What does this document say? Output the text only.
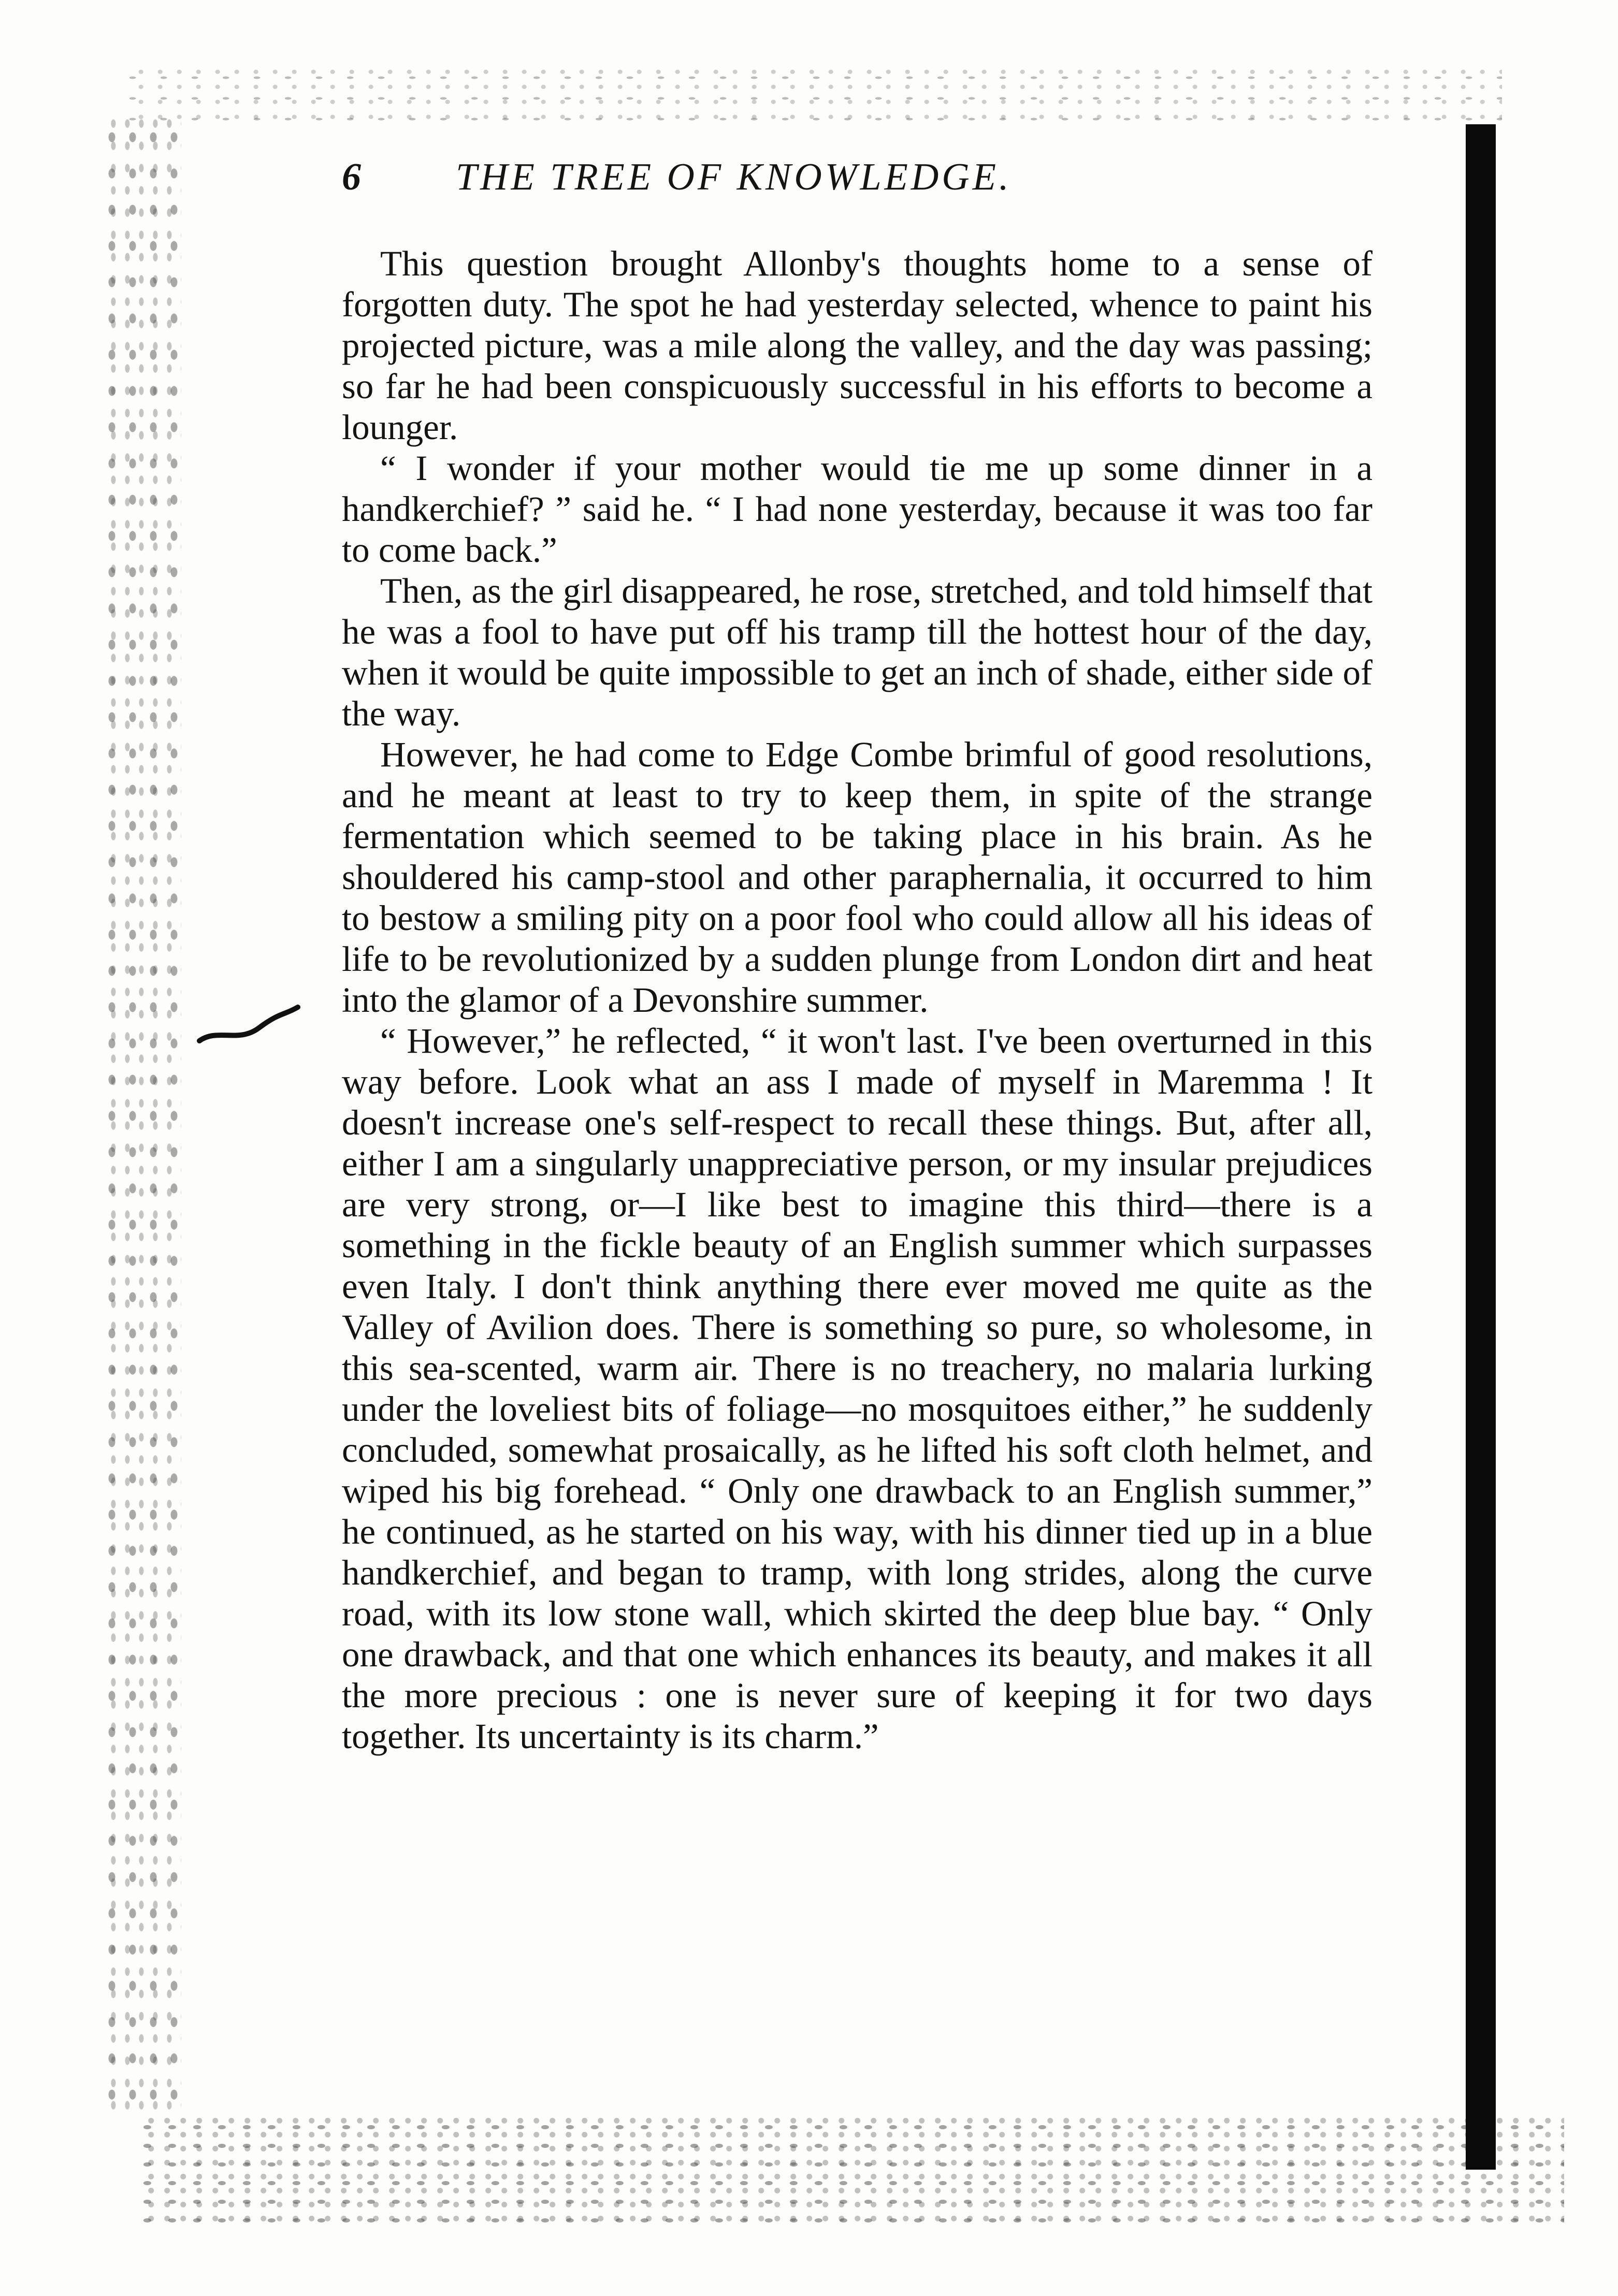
6 THE TREE OF KNOWLEDGE.

This question brought Allonby's thoughts home to a sense of forgotten duty. The spot he had yesterday selected, whence to paint his projected picture, was a mile along the valley, and the day was passing; so far he had been conspicuously successful in his efforts to become a lounger.

“ I wonder if your mother would tie me up some dinner in a handkerchief? ” said he. “ I had none yesterday, because it was too far to come back.”

Then, as the girl disappeared, he rose, stretched, and told himself that he was a fool to have put off his tramp till the hottest hour of the day, when it would be quite impossible to get an inch of shade, either side of the way.

However, he had come to Edge Combe brimful of good resolutions, and he meant at least to try to keep them, in spite of the strange fermentation which seemed to be taking place in his brain. As he shouldered his camp-stool and other paraphernalia, it occurred to him to bestow a smiling pity on a poor fool who could allow all his ideas of life to be revolutionized by a sudden plunge from London dirt and heat into the glamor of a Devonshire summer.

“ However,” he reflected, “ it won't last. I've been overturned in this way before. Look what an ass I made of myself in Maremma ! It doesn't increase one's self-respect to recall these things. But, after all, either I am a singularly unappreciative person, or my insular prejudices are very strong, or—I like best to imagine this third—there is a something in the fickle beauty of an English summer which surpasses even Italy. I don't think anything there ever moved me quite as the Valley of Avilion does. There is something so pure, so wholesome, in this sea-scented, warm air. There is no treachery, no malaria lurking under the loveliest bits of foliage—no mosquitoes either,” he suddenly concluded, somewhat prosaically, as he lifted his soft cloth helmet, and wiped his big forehead. “ Only one drawback to an English summer,” he continued, as he started on his way, with his dinner tied up in a blue handkerchief, and began to tramp, with long strides, along the curve road, with its low stone wall, which skirted the deep blue bay. “ Only one drawback, and that one which enhances its beauty, and makes it all the more precious : one is never sure of keeping it for two days together. Its uncertainty is its charm.”
